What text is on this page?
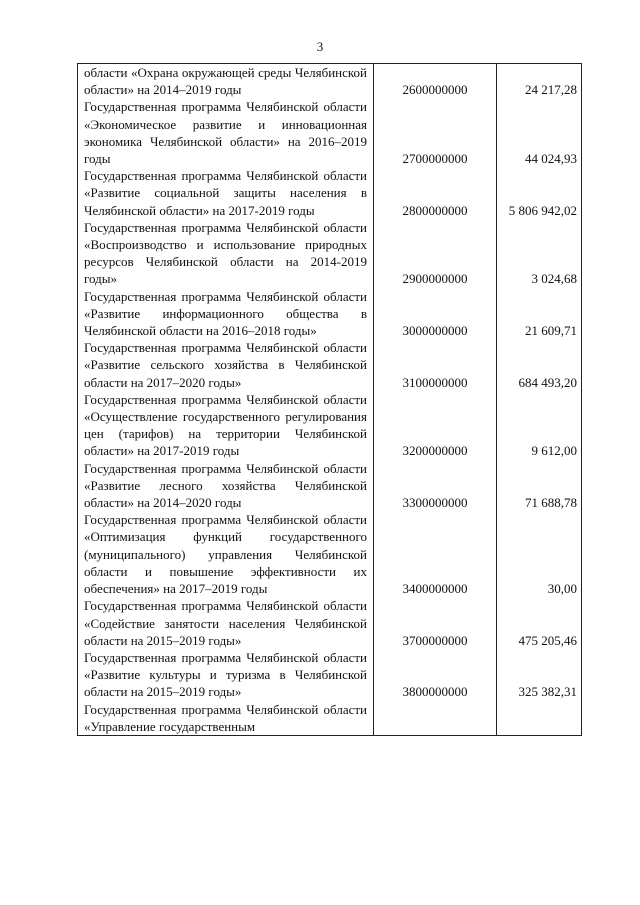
3
области «Охрана окружающей среды Челябинской области» на 2014–2019 годы	2600000000	24 217,28

Государственная программа Челябинской области «Экономическое развитие и инновационная экономика Челябинской области» на 2016–2019 годы	2700000000	44 024,93

Государственная программа Челябинской области «Развитие социальной защиты населения в Челябинской области» на 2017-2019 годы	2800000000	5 806 942,02

Государственная программа Челябинской области «Воспроизводство и использование природных ресурсов Челябинской области на 2014-2019 годы»	2900000000	3 024,68

Государственная программа Челябинской области «Развитие информационного общества в Челябинской области на 2016–2018 годы»	3000000000	21 609,71

Государственная программа Челябинской области «Развитие сельского хозяйства в Челябинской области на 2017–2020 годы»	3100000000	684 493,20

Государственная программа Челябинской области «Осуществление государственного регулирования цен (тарифов) на территории Челябинской области» на 2017-2019 годы	3200000000	9 612,00

Государственная программа Челябинской области «Развитие лесного хозяйства Челябинской области» на 2014–2020 годы	3300000000	71 688,78

Государственная программа Челябинской области «Оптимизация функций государственного (муниципального) управления Челябинской области и повышение эффективности их обеспечения» на 2017–2019 годы	3400000000	30,00

Государственная программа Челябинской области «Содействие занятости населения Челябинской области на 2015–2019 годы»	3700000000	475 205,46

Государственная программа Челябинской области «Развитие культуры и туризма в Челябинской области на 2015–2019 годы»	3800000000	325 382,31

Государственная программа Челябинской области «Управление государственным		
